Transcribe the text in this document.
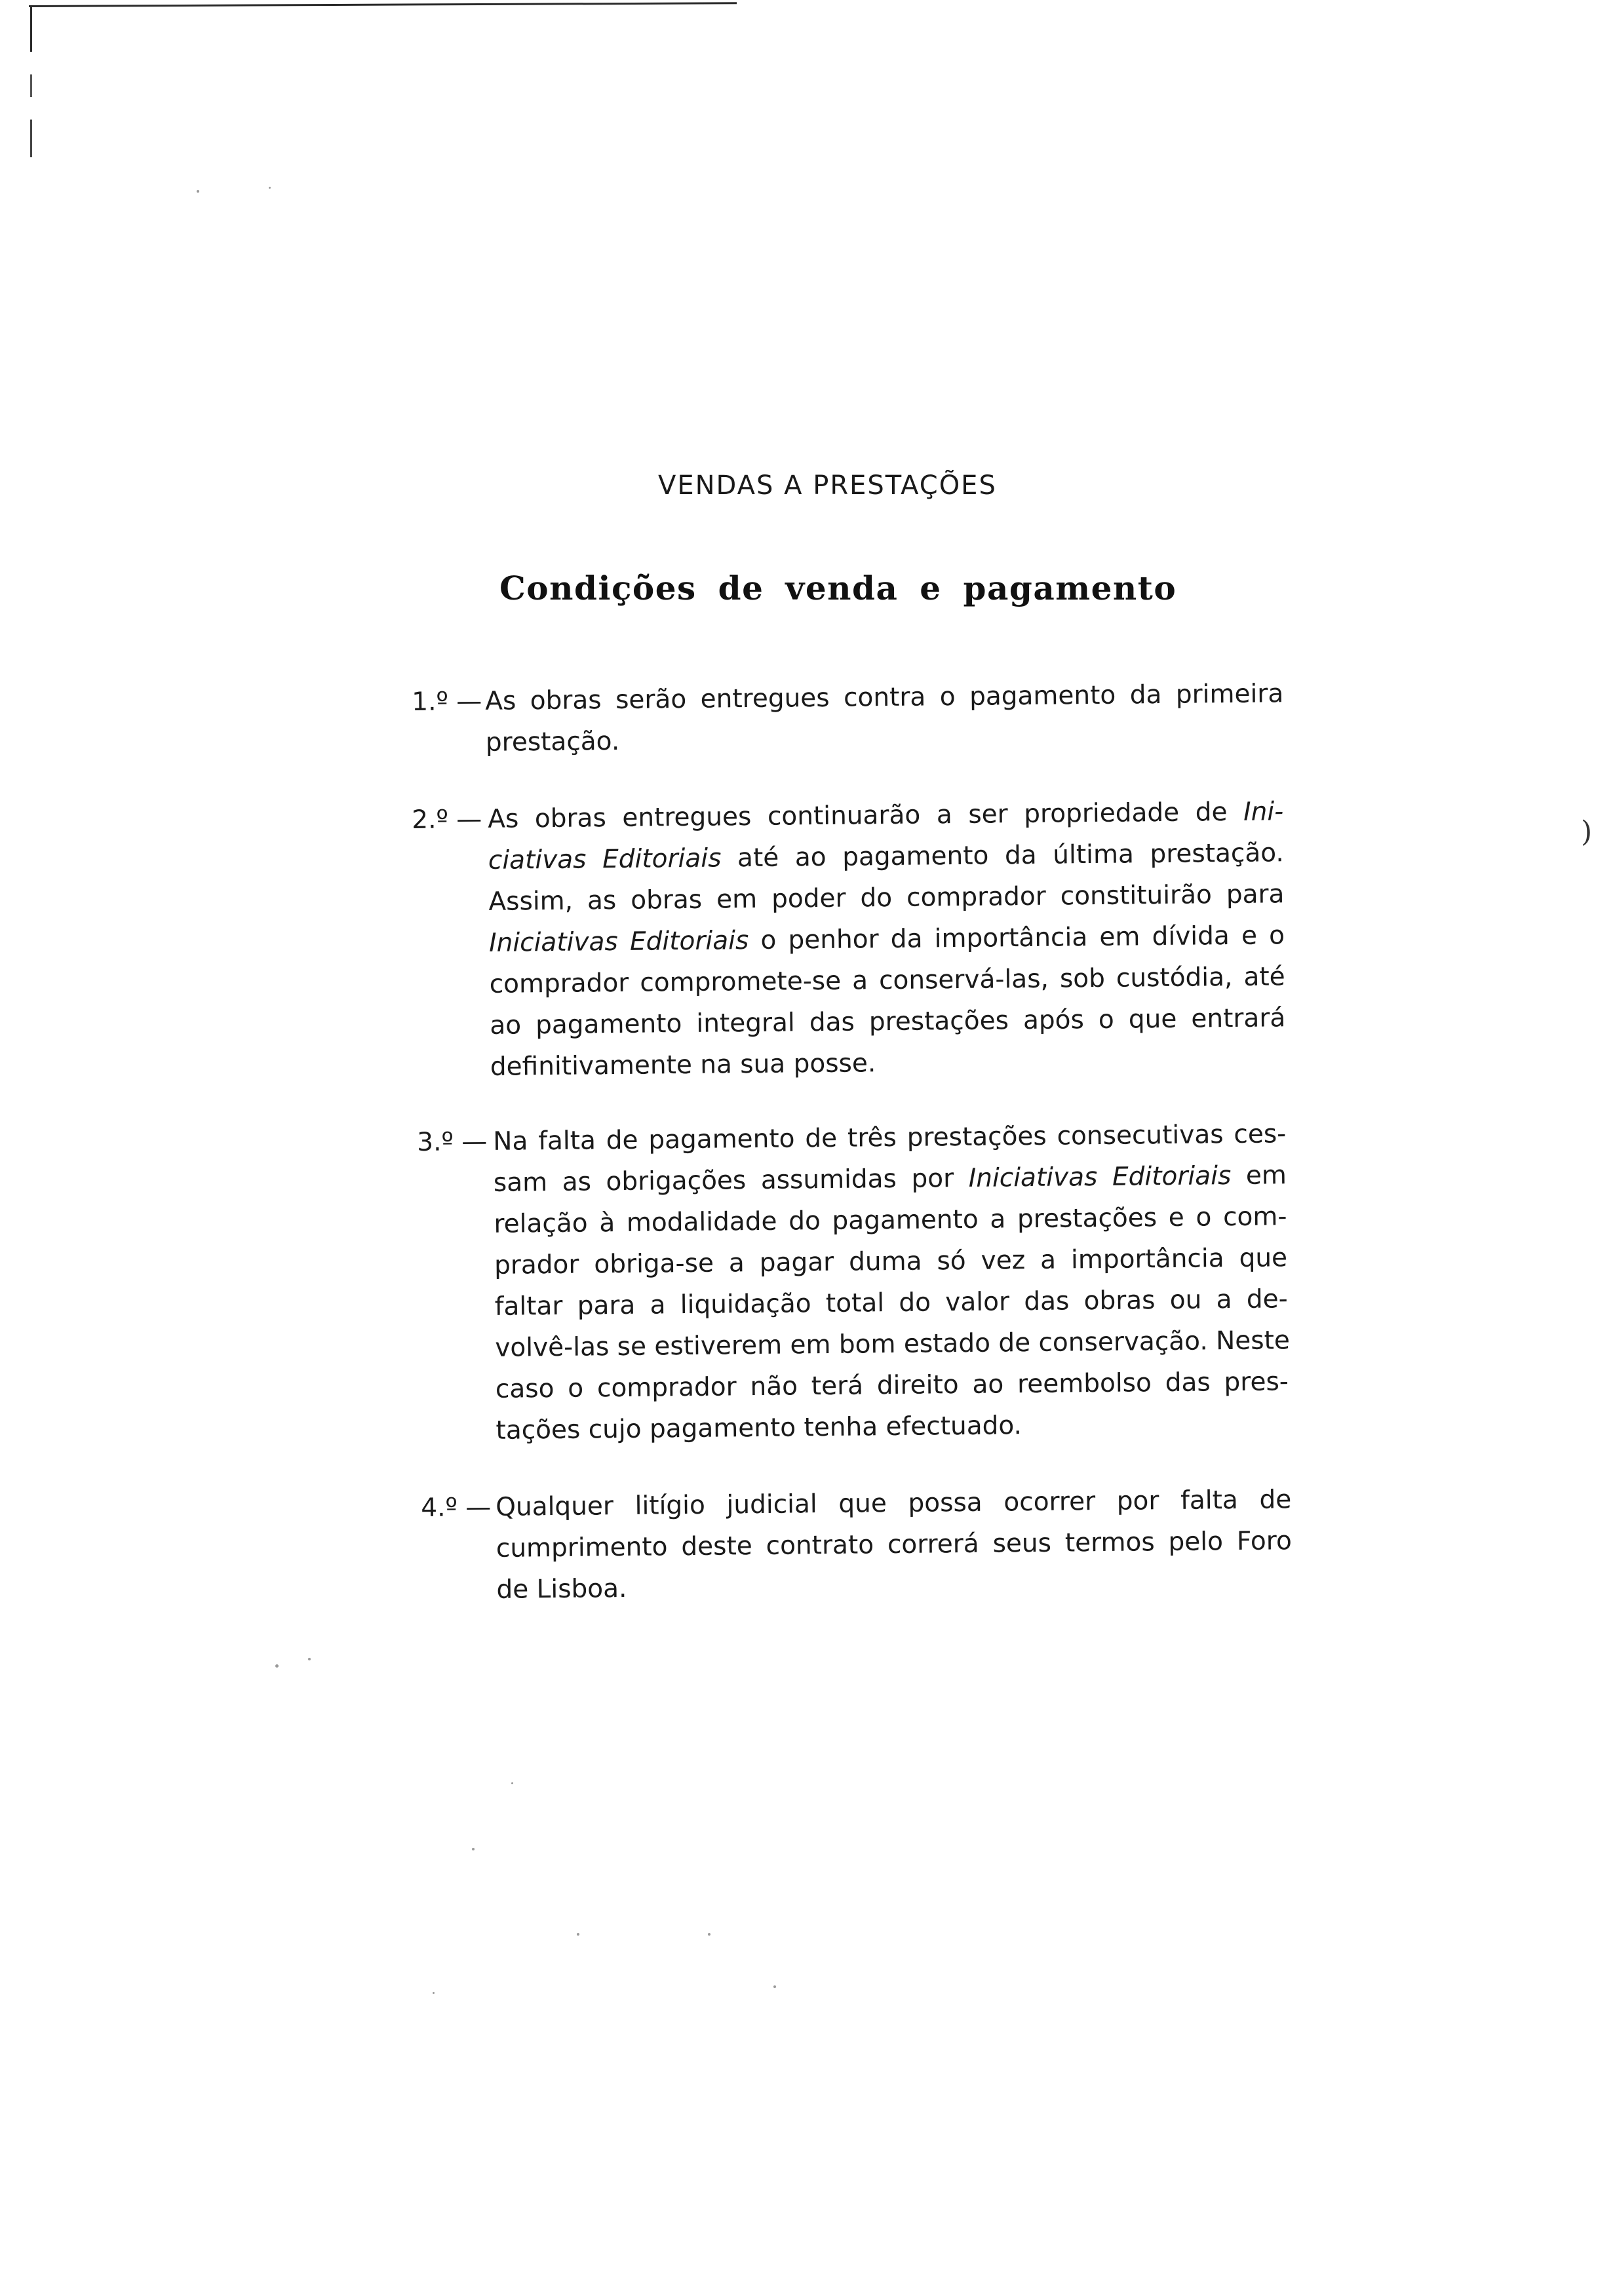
)
VENDAS A PRESTAÇÕES
Condições de venda e pagamento
1.º — As obras serão entregues contra o pagamento da primeira
prestação.
2.º — As obras entregues continuarão a ser propriedade de Ini-
ciativas Editoriais até ao pagamento da última prestação.
Assim, as obras em poder do comprador constituirão para
Iniciativas Editoriais o penhor da importância em dívida e o
comprador compromete-se a conservá-las, sob custódia, até
ao pagamento integral das prestações após o que entrará
definitivamente na sua posse.
3.º — Na falta de pagamento de três prestações consecutivas ces-
sam as obrigações assumidas por Iniciativas Editoriais em
relação à modalidade do pagamento a prestações e o com-
prador obriga-se a pagar duma só vez a importância que
faltar para a liquidação total do valor das obras ou a de-
volvê-las se estiverem em bom estado de conservação. Neste
caso o comprador não terá direito ao reembolso das pres-
tações cujo pagamento tenha efectuado.
4.º — Qualquer litígio judicial que possa ocorrer por falta de
cumprimento deste contrato correrá seus termos pelo Foro
de Lisboa.
